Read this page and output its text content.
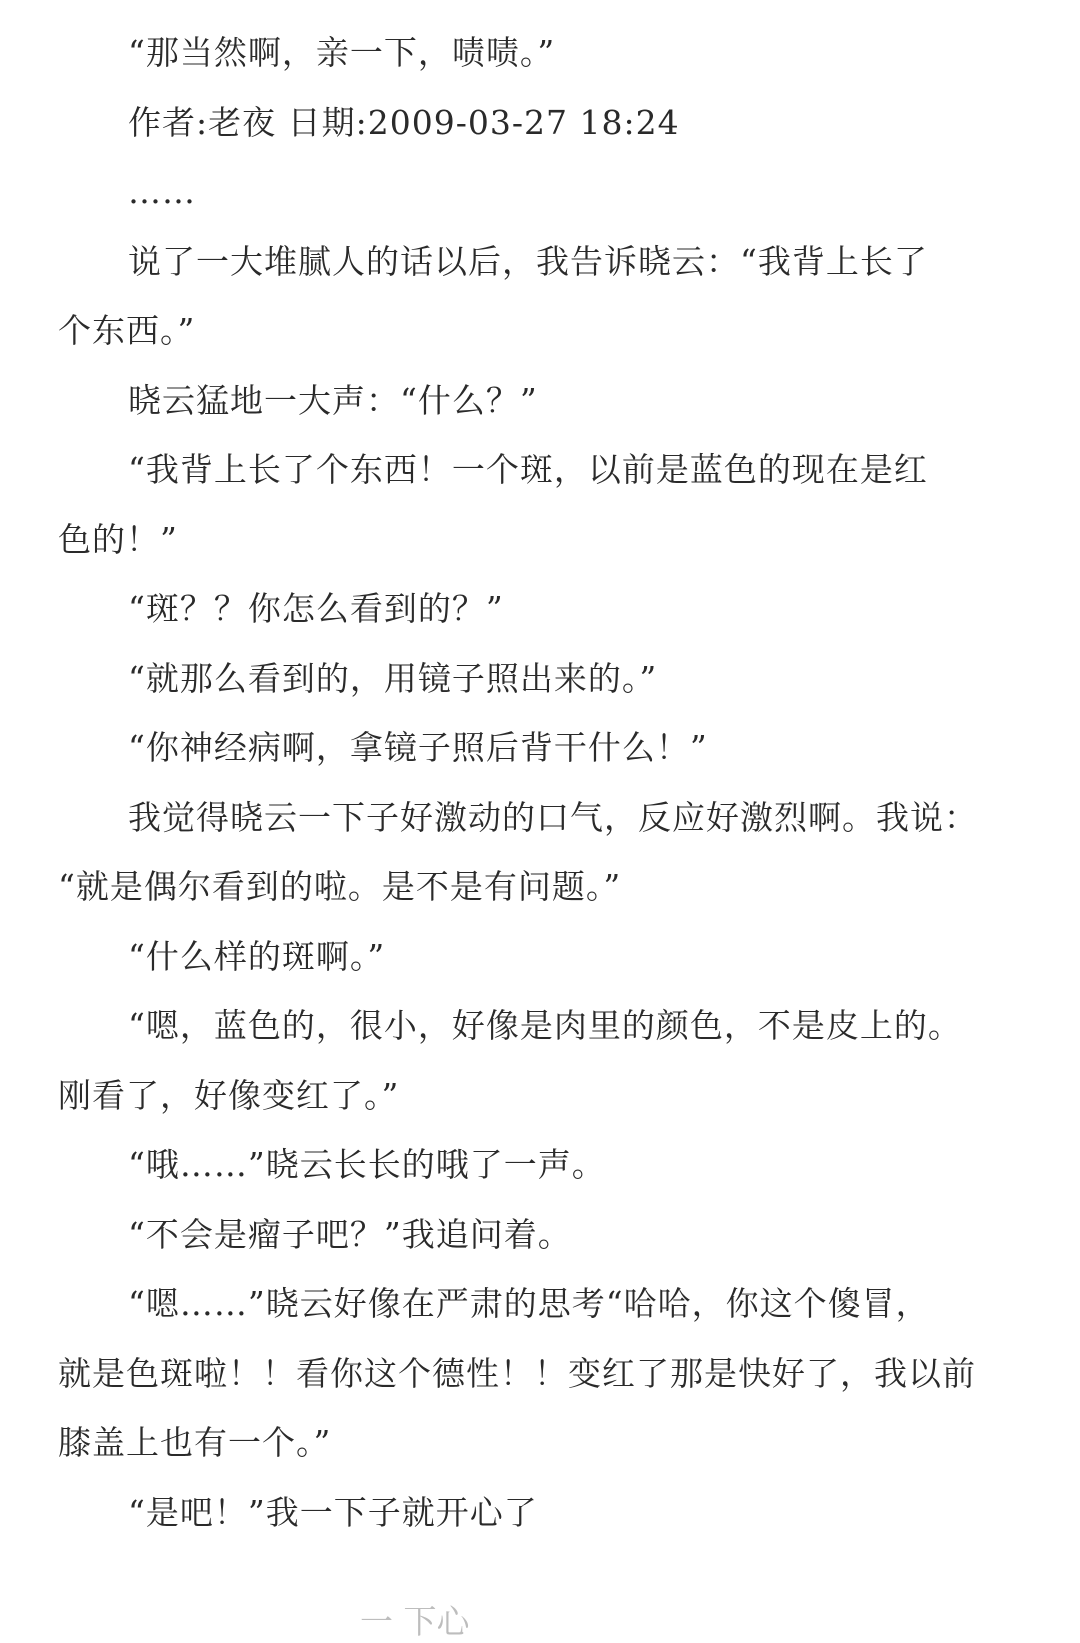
“那当然啊，亲一下，啧啧。”
作者:老夜 日期:2009-03-27 18:24
……
说了一大堆腻人的话以后，我告诉晓云：“我背上长了
个东西。”
晓云猛地一大声：“什么？”
“我背上长了个东西！一个斑，以前是蓝色的现在是红
色的！”
“斑？？你怎么看到的？”
“就那么看到的，用镜子照出来的。”
“你神经病啊，拿镜子照后背干什么！”
我觉得晓云一下子好激动的口气，反应好激烈啊。我说：
“就是偶尔看到的啦。是不是有问题。”
“什么样的斑啊。”
“嗯，蓝色的，很小，好像是肉里的颜色，不是皮上的。
刚看了，好像变红了。”
“哦……”晓云长长的哦了一声。
“不会是瘤子吧？”我追问着。
“嗯……”晓云好像在严肃的思考“哈哈，你这个傻冒，
就是色斑啦！！看你这个德性！！变红了那是快好了，我以前
膝盖上也有一个。”
“是吧！”我一下子就开心了
一 下心
